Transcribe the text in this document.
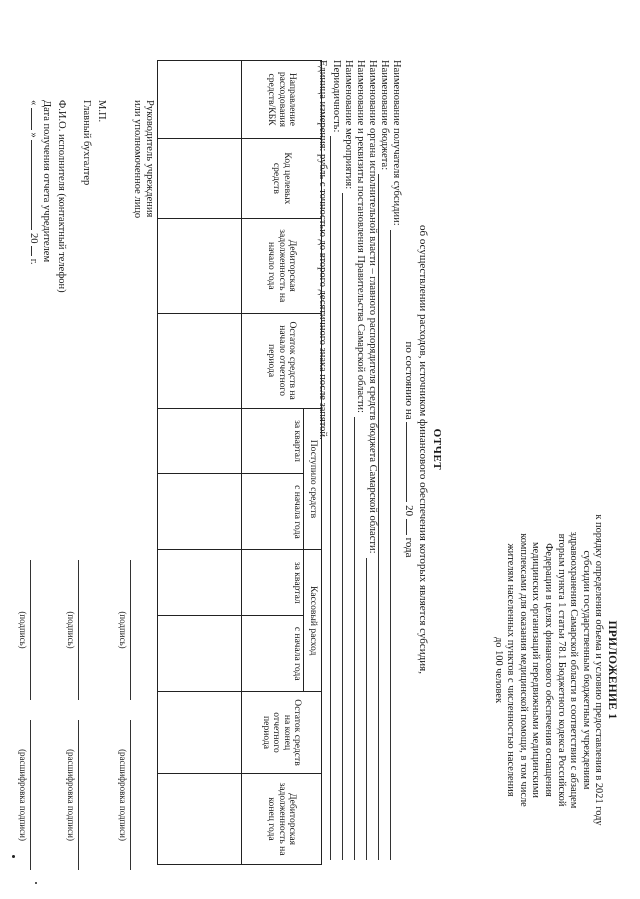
ПРИЛОЖЕНИЕ 1
к порядку определения объема и условию предоставления в 2021 году
субсидии государственным бюджетным учреждениям
здравоохранения Самарской области в соответствии с абзацем
вторым пункта 1 статьи 78.1 Бюджетного кодекса Российской
Федерации в целях финансового обеспечения оснащения
медицинских организаций передвижными медицинскими
комплексами для оказания медицинской помощи, в том числе
жителям населенных пунктов с численностью населения
до 100 человек
ОТЧЕТ
об осуществлении расходов, источником финансового обеспечения которых является субсидия,
по состоянию на  20  года
Наименование получателя субсидии:
Наименование бюджета:
Наименование органа исполнительной власти – главного распорядителя средств бюджета Самарской области:
Наименование и реквизиты постановления Правительства Самарской области:
Наименование мероприятия:
Периодичность:
Единица измерения: рубль с точностью до второго десятичного знака после запятой.
Направление расходования средств/КБК	Код целевых средств	Дебиторская задолженность на начало года	Остаток средств на начало отчетного периода	Поступило средств		Кассовый расход		Остаток средств на конец отчетного периода	Дебиторская задолженность на конец года
				за квартал	с начала года	за квартал	с начала года		

Руководитель учреждения
или уполномоченное лицо
(подпись)
(расшифровка подписи)
М.П.
Главный бухгалтер
(подпись)
(расшифровка подписи)
Ф.И.О. исполнителя (контактный телефон)
Дата получения отчета учредителем
«  »  20  г.
(подпись)
(расшифровка подписи)
